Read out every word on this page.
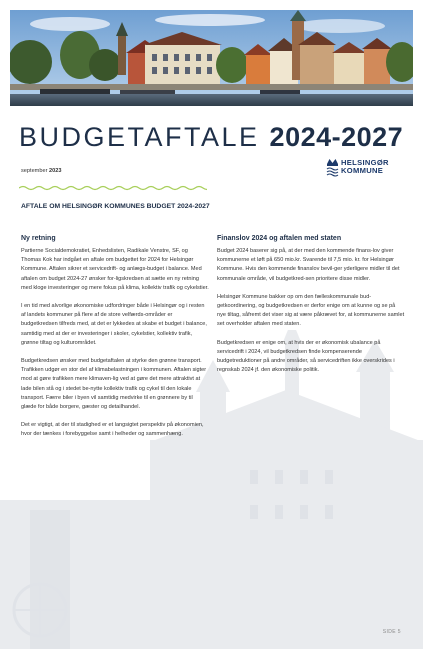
BUDGETAFTALE 2024-2027
september 2023
HELSINGØR
KOMMUNE
AFTALE OM HELSINGØR KOMMUNES BUDGET 2024-2027
Ny retning

Partierne Socialdemokratiet, Enhedslisten, Radikale Venstre, SF, og Thomas Kok har indgået en aftale om budgettet for 2024 for Helsingør Kommune. Aftalen sikrer et servicedrift- og anlægs-budget i balance. Med aftalen om budget 2024-27 ønsker for-ligskredsen at sætte en ny retning med kloge investeringer og mere fokus på klima, kollektiv trafik og cykelstier.

I en tid med alvorlige økonomiske udfordringer både i Helsingør og i resten af landets kommuner på flere af de store velfærds-områder er budgetkredsen tilfreds med, at det er lykkedes at skabe et budget i balance, samtidig med at der er investeringer i skoler, cykelstier, kollektiv trafik, grønne tiltag og kulturområdet.

Budgetkredsen ønsker med budgetaftalen at styrke den grønne transport. Trafikken udgør en stor del af klimabelastningen i kommunen. Aftalen sigter mod at gøre trafikken mere klimaven-lig ved at gøre det mere attraktivt at lade bilen stå og i stedet be-nytte kollektiv trafik og cykel til den lokale transport. Færre biler i byen vil samtidig medvirke til en grønnere by til glæde for både borgere, gæster og detailhandel.

Det er vigtigt, at der til stadighed er et langsigtet perspektiv på økonomien, hvor der tænkes i forebyggelse samt i helheder og sammenhæng.

Finanslov 2024 og aftalen med staten

Budget 2024 baserer sig på, at der med den kommende finans-lov giver kommunerne et løft på 650 mio.kr. Svarende til 7,5 mio. kr. for Helsingør Kommune. Hvis den kommende finanslov bevil-ger yderligere midler til det kommunale område, vil budgetkred-sen prioritere disse midler.

Helsingør Kommune bakker op om den fælleskommunale bud-getkoordinering, og budgetkredsen er derfor enige om at kunne og se på nye tiltag, såfremt det viser sig at være påkrævet for, at kommunerne samlet set overholder aftalen med staten.

Budgetkredsen er enige om, at hvis der er økonomisk ubalance på servicedrift i 2024, vil budgetkredsen finde kompenserende budgetreduktioner på andre områder, så servicedriften ikke overskrides i regnskab 2024 jf. den økonomiske politik.

SIDE 5
